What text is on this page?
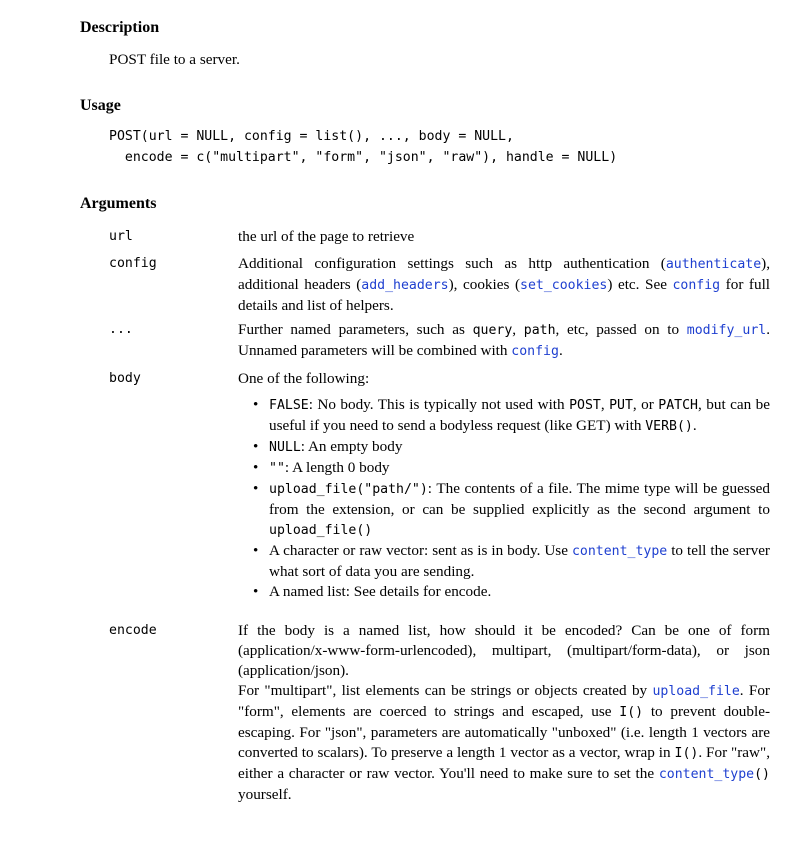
Description
POST file to a server.
Usage
POST(url = NULL, config = list(), ..., body = NULL,
encode = c("multipart", "form", "json", "raw"), handle = NULL)
Arguments
url	the url of the page to retrieve
config	Additional configuration settings such as http authentication (authenticate), additional headers (add_headers), cookies (set_cookies) etc. See config for full details and list of helpers.
...	Further named parameters, such as query, path, etc, passed on to modify_url. Unnamed parameters will be combined with config.
body	One of the following:
• FALSE: No body. This is typically not used with POST, PUT, or PATCH, but can be useful if you need to send a bodyless request (like GET) with VERB().
• NULL: An empty body
• "": A length 0 body
• upload_file("path/"): The contents of a file. The mime type will be guessed from the extension, or can be supplied explicitly as the second argument to upload_file()
• A character or raw vector: sent as is in body. Use content_type to tell the server what sort of data you are sending.
• A named list: See details for encode.
encode	If the body is a named list, how should it be encoded? Can be one of form (application/x-www-form-urlencoded), multipart, (multipart/form-data), or json (application/json).
For "multipart", list elements can be strings or objects created by upload_file. For "form", elements are coerced to strings and escaped, use I() to prevent double-escaping. For "json", parameters are automatically "unboxed" (i.e. length 1 vectors are converted to scalars). To preserve a length 1 vector as a vector, wrap in I(). For "raw", either a character or raw vector. You'll need to make sure to set the content_type() yourself.
